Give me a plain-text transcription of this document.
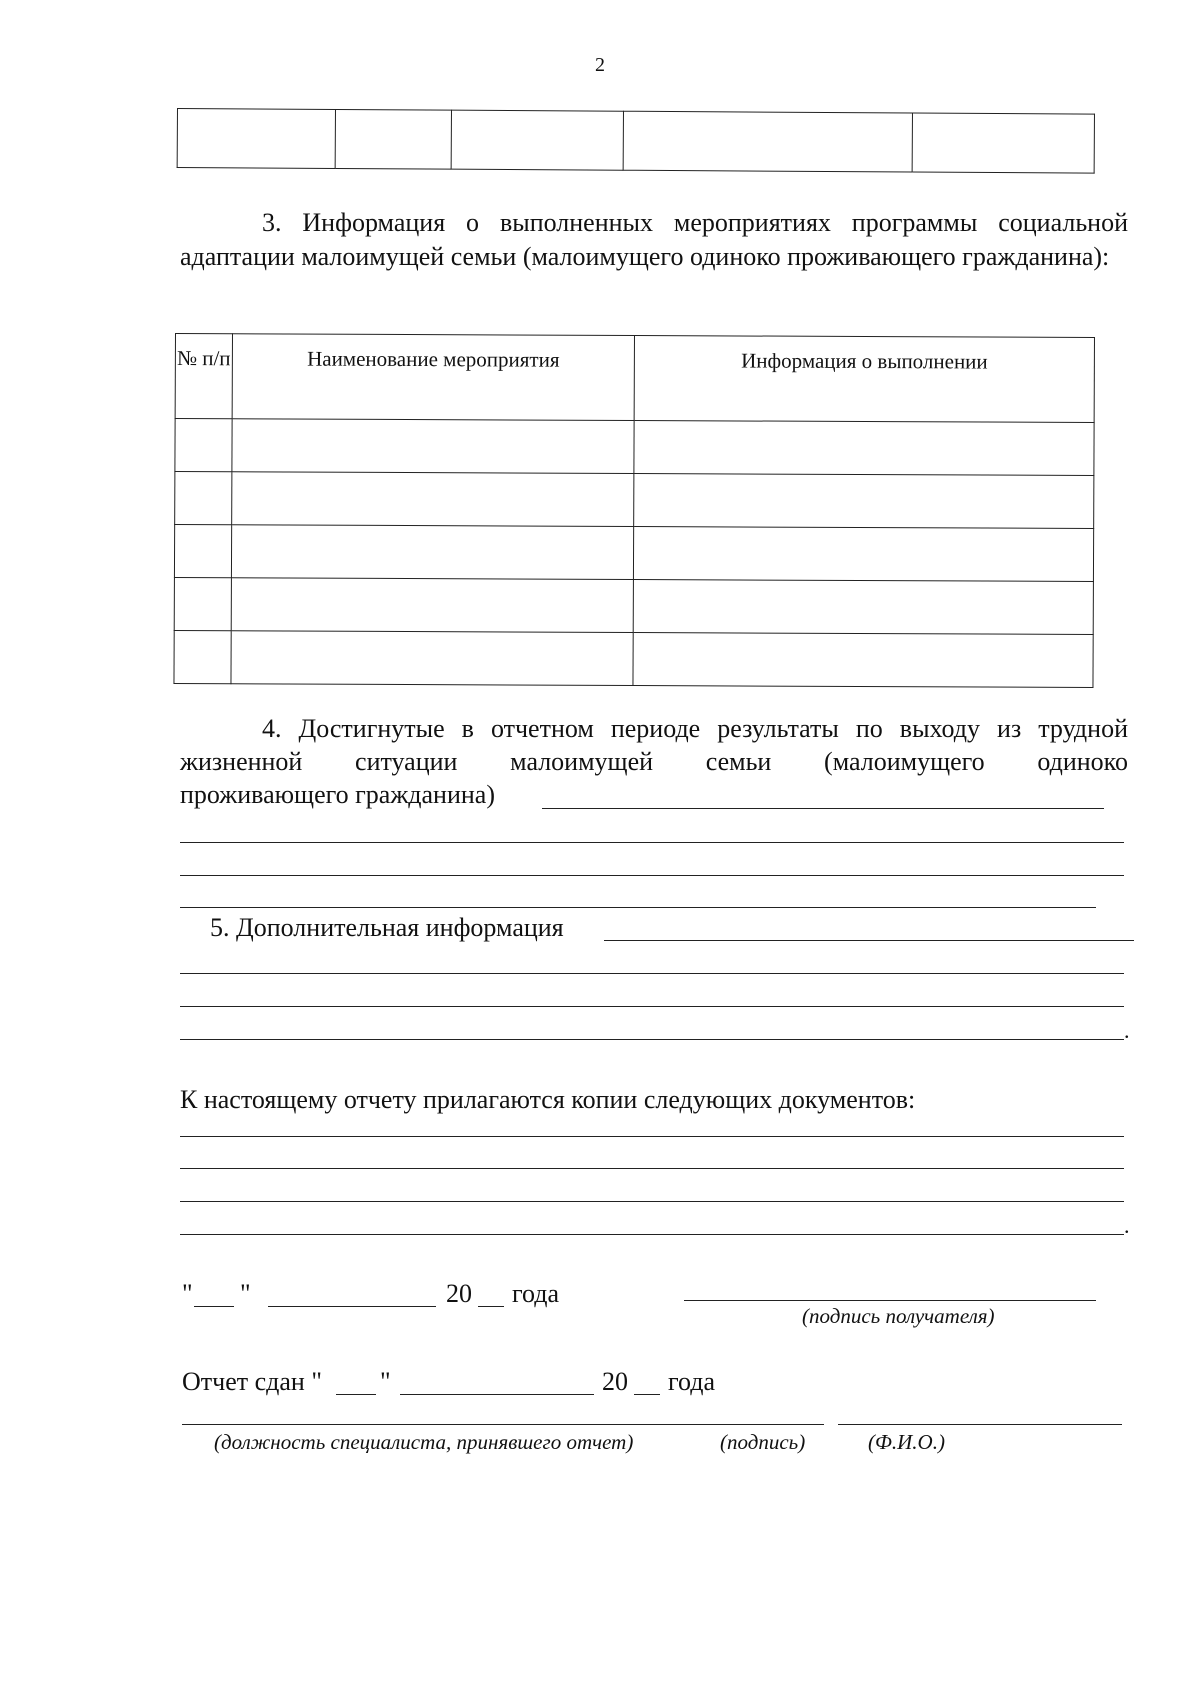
2

3. Информация о выполненных мероприятиях программы социальной адаптации малоимущей семьи (малоимущего одиноко проживающего гражданина):

№ п/п	Наименование мероприятия	Информация о выполнении

4. Достигнутые в отчетном периоде результаты по выходу из трудной
жизненной ситуации малоимущей семьи (малоимущего одиноко
проживающего гражданина)
5. Дополнительная информация
.
К настоящему отчету прилагаются копии следующих документов:
.
" "	20 года
(подпись получателя)
Отчет сдан " "	20 года
(должность специалиста, принявшего отчет)	(подпись)	(Ф.И.О.)
